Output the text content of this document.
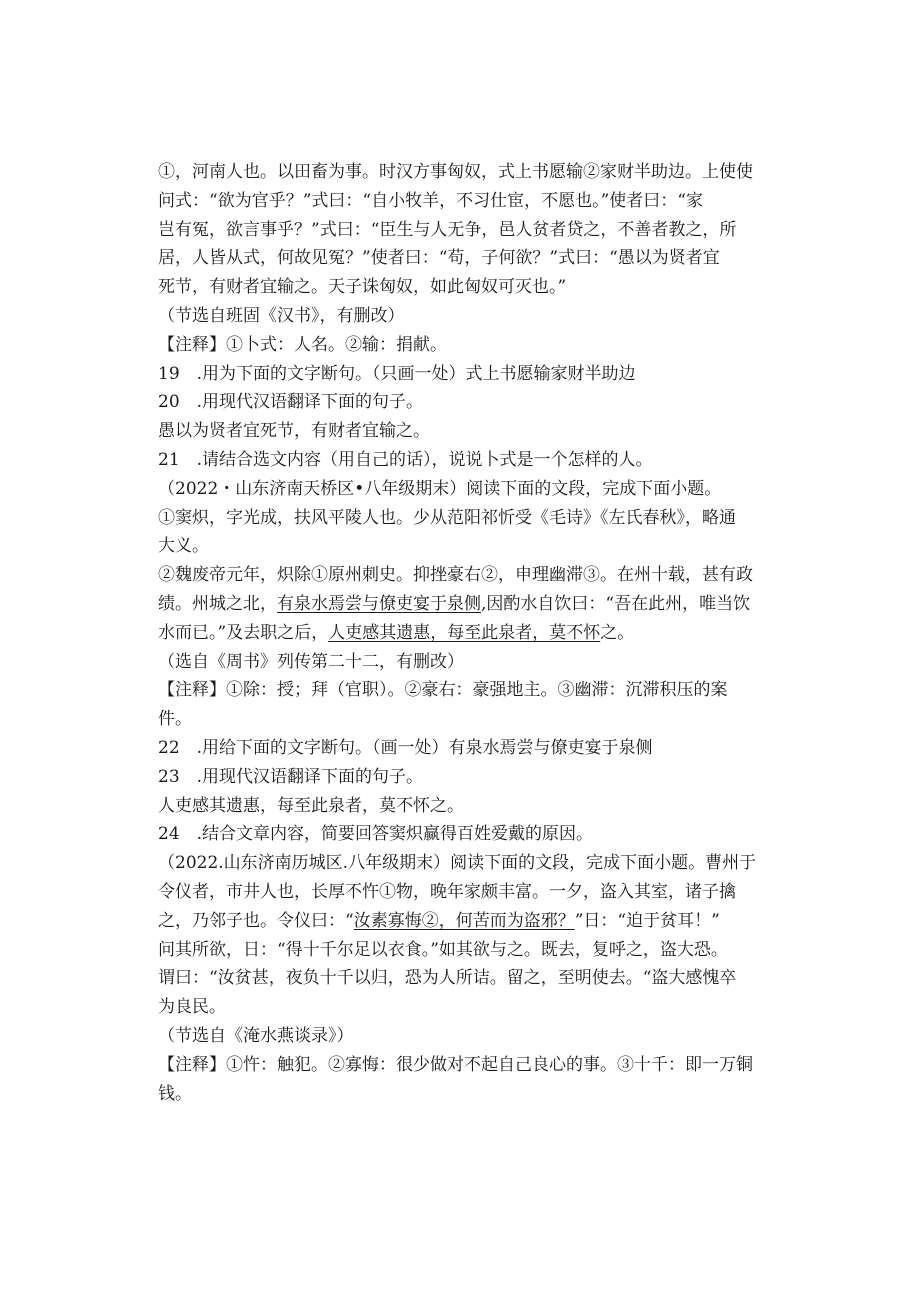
①，河南人也。以田畜为事。时汉方事匈奴，式上书愿输②家财半助边。上使使
问式：“欲为官乎？”式曰：“自小牧羊，不习仕宦，不愿也。”使者曰：“家
岂有冤，欲言事乎？”式曰：“臣生与人无争，邑人贫者贷之，不善者教之，所
居，人皆从式，何故见冤？”使者曰：“苟，子何欲？”式曰：“愚以为贤者宜
死节，有财者宜输之。天子诛匈奴，如此匈奴可灭也。”
（节选自班固《汉书》，有删改）
【注释】①卜式：人名。②输：捐献。
19　.用为下面的文字断句。（只画一处）式上书愿输家财半助边
20　.用现代汉语翻译下面的句子。
愚以为贤者宜死节，有财者宜输之。
21　.请结合选文内容（用自己的话），说说卜式是一个怎样的人。
（2022・山东济南天桥区•八年级期末）阅读下面的文段，完成下面小题。
①窦炽，字光成，扶风平陵人也。少从范阳祁忻受《毛诗》《左氏春秋》，略通
大义。
②魏废帝元年，炽除①原州刺史。抑挫豪右②，申理幽滞③。在州十载，甚有政
绩。州城之北，有泉水焉尝与僚吏宴于泉侧,因酌水自饮曰：“吾在此州，唯当饮
水而已。”及去职之后，人吏感其遗惠，每至此泉者，莫不怀之。
（选自《周书》列传第二十二，有删改）
【注释】①除：授；拜（官职）。②豪右：豪强地主。③幽滞：沉滞积压的案
件。
22　.用给下面的文字断句。（画一处）有泉水焉尝与僚吏宴于泉侧
23　.用现代汉语翻译下面的句子。
人吏感其遗惠，每至此泉者，莫不怀之。
24　.结合文章内容，简要回答窦炽赢得百姓爱戴的原因。
（2022.山东济南历城区.八年级期末）阅读下面的文段，完成下面小题。曹州于
令仪者，市井人也，长厚不忤①物，晚年家颇丰富。一夕，盗入其室，诸子擒
之，乃邻子也。令仪曰：“汝素寡悔②，何苦而为盗邪？”日：“迫于贫耳！”
问其所欲，日：“得十千尔足以衣食。”如其欲与之。既去，复呼之，盗大恐。
谓曰：“汝贫甚，夜负十千以归，恐为人所诘。留之，至明使去。“盗大感愧卒
为良民。
（节选自《淹水燕谈录》）
【注释】①忤：触犯。②寡悔：很少做对不起自己良心的事。③十千：即一万铜
钱。
